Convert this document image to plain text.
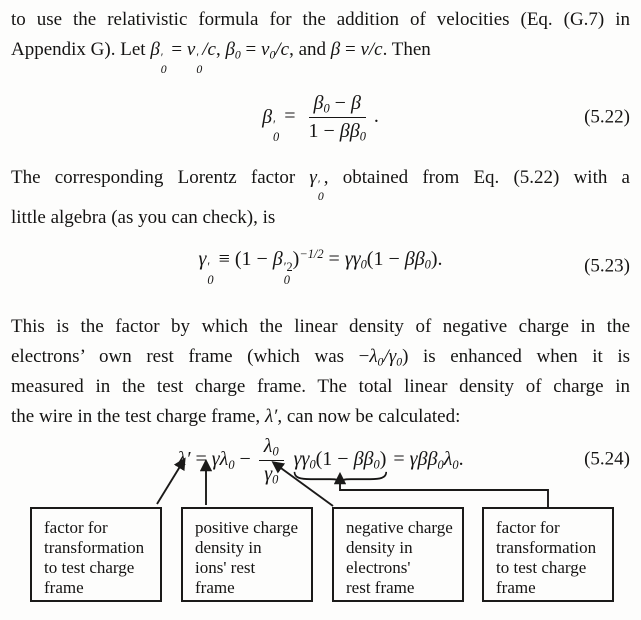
to use the relativistic formula for the addition of velocities (Eq. (G.7) in
Appendix G). Let β ′
0
= v ′
0
/c, $\beta_0 = v_0/c$, and β = v/c. Then
β ′
0
= $\frac{\beta_0 - \beta}{1 - \beta\beta_0}$ .	(5.22)
The corresponding Lorentz factor γ ′
0
, obtained from Eq. (5.22) with a
little algebra (as you can check), is
γ ′
0
≡ (1 − β ′2
0
)$^{-1/2} = \gamma\gamma_0(1 - \beta\beta_0)$.	(5.23)
This is the factor by which the linear density of negative charge in the
electrons’ own rest frame (which was $-\lambda_0/\gamma_0$) is enhanced when it is
measured in the test charge frame. The total linear density of charge in
the wire in the test charge frame, λ′, can now be calculated:
$\lambda' = \gamma\lambda_0 - \frac{\lambda_0}{\gamma_0} \gamma\gamma_0(1 - \beta\beta_0)$
= $\gamma\beta\beta_0\lambda_0$.	(5.24)
factor for
transformation
to test charge
frame
positive charge
density in
ions' rest
frame
negative charge
density in
electrons'
rest frame
factor for
transformation
to test charge
frame
